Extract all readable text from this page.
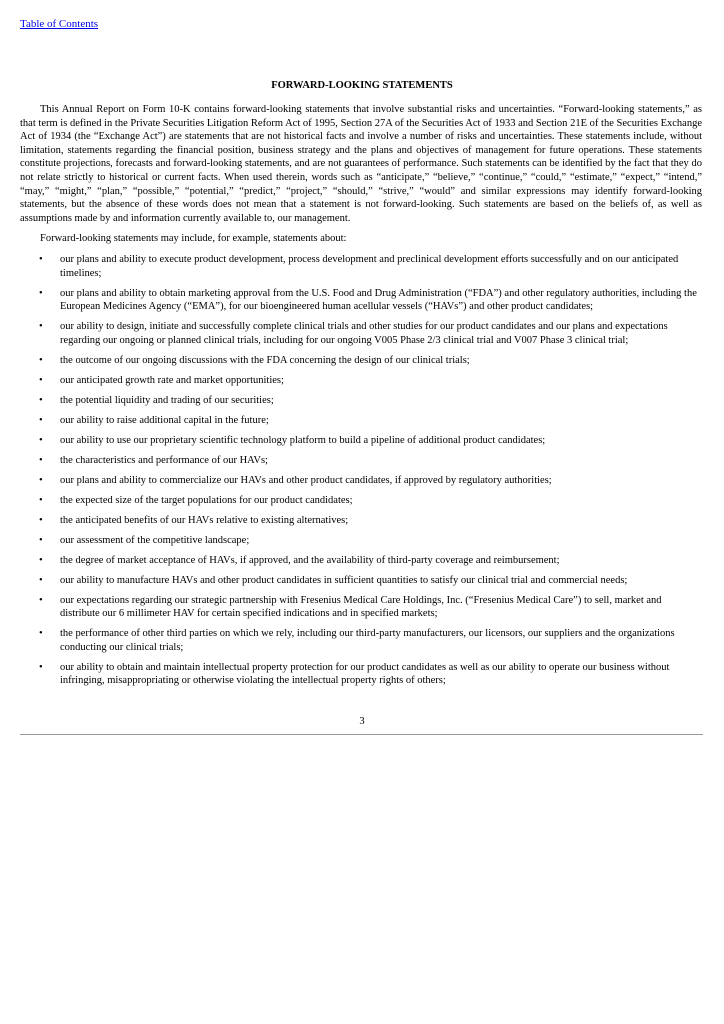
Table of Contents
FORWARD-LOOKING STATEMENTS

This Annual Report on Form 10-K contains forward-looking statements that involve substantial risks and uncertainties. “Forward-looking statements,” as that term is defined in the Private Securities Litigation Reform Act of 1995, Section 27A of the Securities Act of 1933 and Section 21E of the Securities Exchange Act of 1934 (the “Exchange Act”) are statements that are not historical facts and involve a number of risks and uncertainties. These statements include, without limitation, statements regarding the financial position, business strategy and the plans and objectives of management for future operations. These statements constitute projections, forecasts and forward-looking statements, and are not guarantees of performance. Such statements can be identified by the fact that they do not relate strictly to historical or current facts. When used therein, words such as “anticipate,” “believe,” “continue,” “could,” “estimate,” “expect,” “intend,” “may,” “might,” “plan,” “possible,” “potential,” “predict,” “project,” “should,” “strive,” “would” and similar expressions may identify forward-looking statements, but the absence of these words does not mean that a statement is not forward-looking. Such statements are based on the beliefs of, as well as assumptions made by and information currently available to, our management.

Forward-looking statements may include, for example, statements about:

• our plans and ability to execute product development, process development and preclinical development efforts successfully and on our anticipated timelines;
• our plans and ability to obtain marketing approval from the U.S. Food and Drug Administration (“FDA”) and other regulatory authorities, including the European Medicines Agency (“EMA”), for our bioengineered human acellular vessels (“HAVs”) and other product candidates;
• our ability to design, initiate and successfully complete clinical trials and other studies for our product candidates and our plans and expectations regarding our ongoing or planned clinical trials, including for our ongoing V005 Phase 2/3 clinical trial and V007 Phase 3 clinical trial;
• the outcome of our ongoing discussions with the FDA concerning the design of our clinical trials;
• our anticipated growth rate and market opportunities;
• the potential liquidity and trading of our securities;
• our ability to raise additional capital in the future;
• our ability to use our proprietary scientific technology platform to build a pipeline of additional product candidates;
• the characteristics and performance of our HAVs;
• our plans and ability to commercialize our HAVs and other product candidates, if approved by regulatory authorities;
• the expected size of the target populations for our product candidates;
• the anticipated benefits of our HAVs relative to existing alternatives;
• our assessment of the competitive landscape;
• the degree of market acceptance of HAVs, if approved, and the availability of third-party coverage and reimbursement;
• our ability to manufacture HAVs and other product candidates in sufficient quantities to satisfy our clinical trial and commercial needs;
• our expectations regarding our strategic partnership with Fresenius Medical Care Holdings, Inc. (“Fresenius Medical Care”) to sell, market and distribute our 6 millimeter HAV for certain specified indications and in specified markets;
• the performance of other third parties on which we rely, including our third-party manufacturers, our licensors, our suppliers and the organizations conducting our clinical trials;
• our ability to obtain and maintain intellectual property protection for our product candidates as well as our ability to operate our business without infringing, misappropriating or otherwise violating the intellectual property rights of others;
3
